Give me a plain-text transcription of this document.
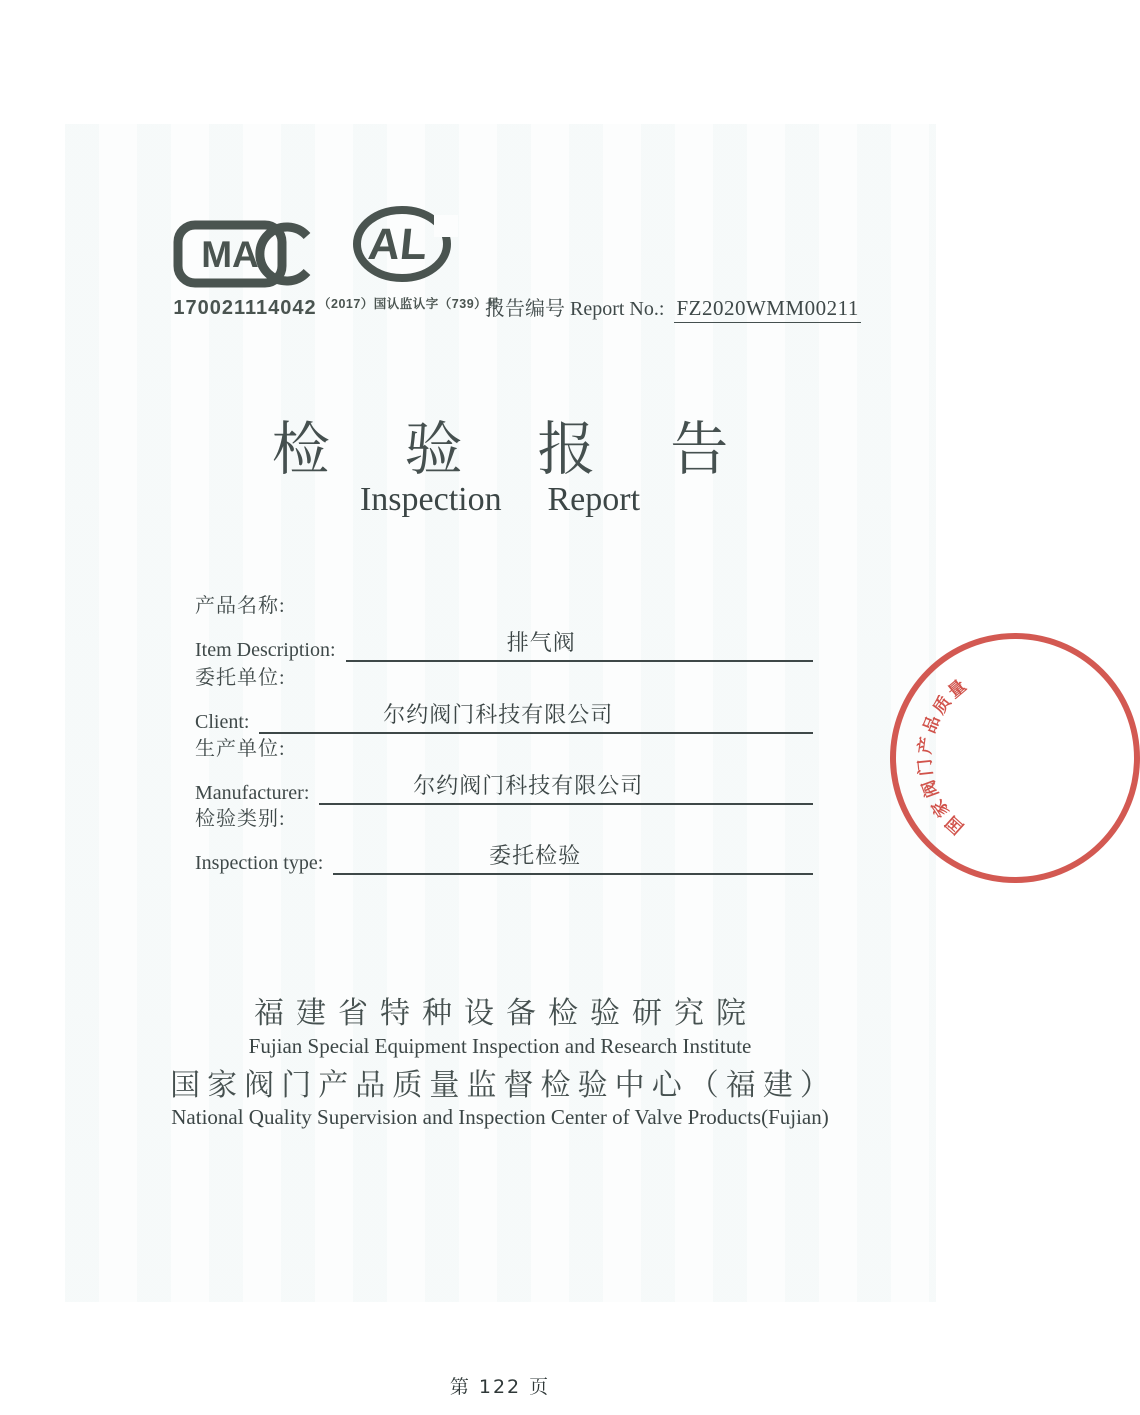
MA
170021114042
AL
（2017）国认监认字（739）号
报告编号 Report No.: FZ2020WMM00211
检 验 报 告
Inspection Report
产品名称:
Item Description:	排气阀
委托单位:
Client:	尔约阀门科技有限公司
生产单位:
Manufacturer:	尔约阀门科技有限公司
检验类别:
Inspection type:	委托检验
福建省特种设备检验研究院
Fujian Special Equipment Inspection and Research Institute
国家阀门产品质量监督检验中心（福建）
National Quality Supervision and Inspection Center of Valve Products(Fujian)
国
家
阀
门
产
品
质
量
第 122 页
